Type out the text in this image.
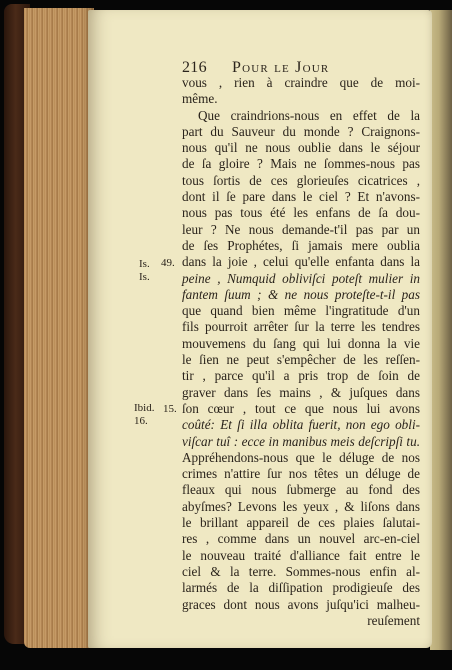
216 Pour le Jour
Is.
Is.
Ibid.
16.
49.
15.
vous , rien à craindre que de moi-
même.
Que craindrions-nous en effet de la
part du Sauveur du monde ? Craignons-
nous qu'il ne nous oublie dans le séjour
de ſa gloire ? Mais ne ſommes-nous pas
tous ſortis de ces glorieuſes cicatrices ,
dont il ſe pare dans le ciel ? Et n'avons-
nous pas tous été les enfans de ſa dou-
leur ? Ne nous demande-t'il pas par un
de ſes Prophétes, ſi jamais mere oublia
dans la joie , celui qu'elle enfanta dans la
peine , Numquid obliviſci poteſt mulier in
fantem ſuum ; & ne nous proteſte-t-il pas
que quand bien même l'ingratitude d'un
fils pourroit arrêter ſur la terre les tendres
mouvemens du ſang qui lui donna la vie
le ſien ne peut s'empêcher de les reſſen-
tir , parce qu'il a pris trop de ſoin de
graver dans ſes mains , & juſques dans
ſon cœur , tout ce que nous lui avons
coûté: Et ſi illa oblita fuerit, non ego obli-
viſcar tuî : ecce in manibus meis deſcripſi tu.
Appréhendons-nous que le déluge de nos
crimes n'attire ſur nos têtes un déluge de
fleaux qui nous ſubmerge au fond des
abyſmes? Levons les yeux , & liſons dans
le brillant appareil de ces plaies ſalutai-
res , comme dans un nouvel arc-en-ciel
le nouveau traité d'alliance fait entre le
ciel & la terre. Sommes-nous enfin al-
larmés de la diſſipation prodigieuſe des
graces dont nous avons juſqu'ici malheu-
reuſement
